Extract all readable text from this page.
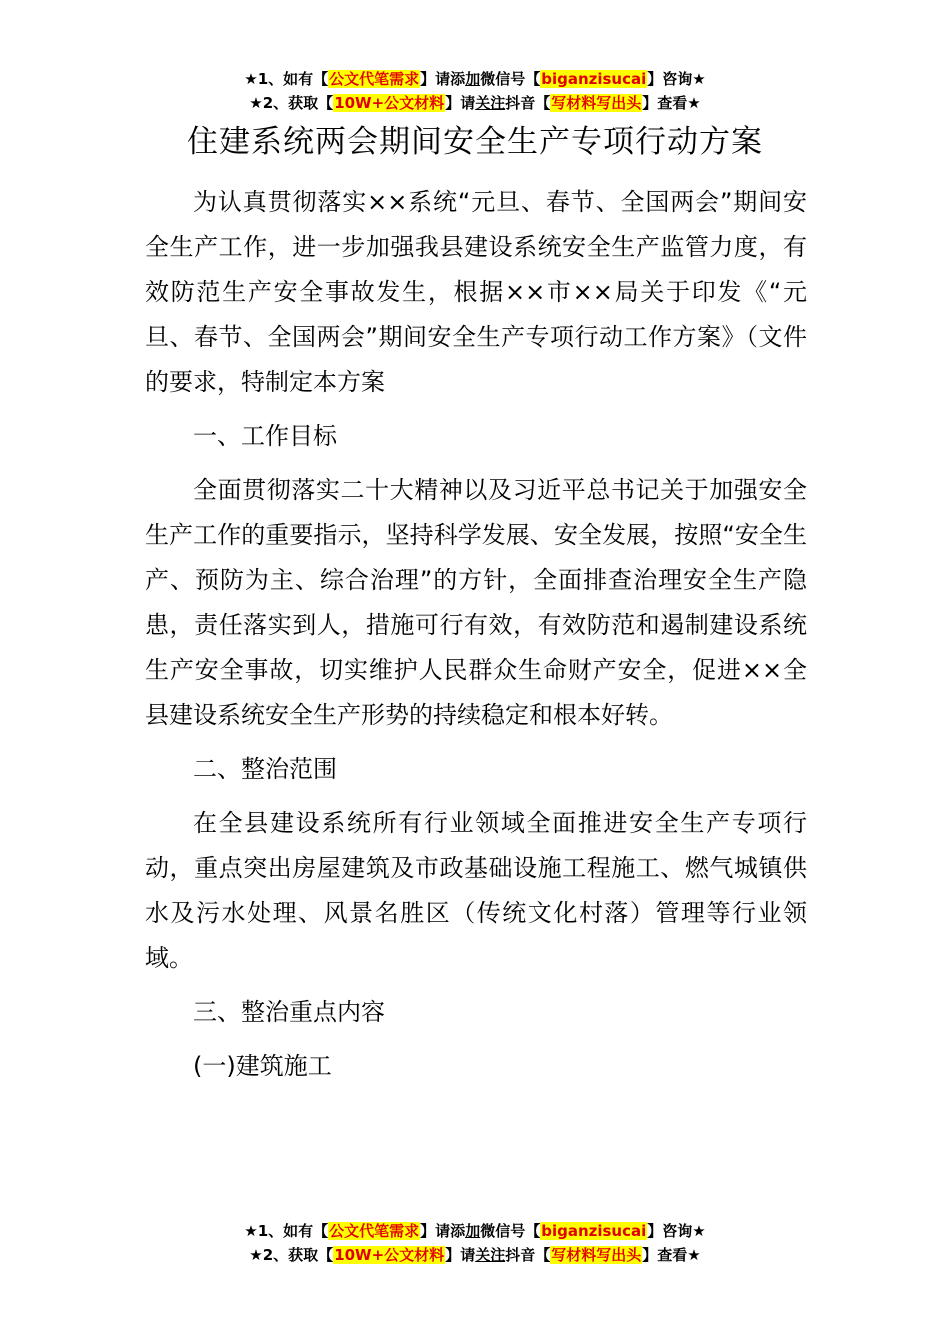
★1、如有【公文代笔需求】请添加微信号【biganzisucai】咨询★
★2、获取【10W+公文材料】请关注抖音【写材料写出头】查看★
住建系统两会期间安全生产专项行动方案

为认真贯彻落实××系统“元旦、春节、全国两会”期间安全生产工作，进一步加强我县建设系统安全生产监管力度，有效防范生产安全事故发生，根据××市××局关于印发《“元旦、春节、全国两会”期间安全生产专项行动工作方案》（文件的要求，特制定本方案

一、工作目标

全面贯彻落实二十大精神以及习近平总书记关于加强安全生产工作的重要指示，坚持科学发展、安全发展，按照“安全生产、预防为主、综合治理”的方针，全面排查治理安全生产隐患，责任落实到人，措施可行有效，有效防范和遏制建设系统生产安全事故，切实维护人民群众生命财产安全，促进××全县建设系统安全生产形势的持续稳定和根本好转。

二、整治范围

在全县建设系统所有行业领域全面推进安全生产专项行动，重点突出房屋建筑及市政基础设施工程施工、燃气城镇供水及污水处理、风景名胜区（传统文化村落）管理等行业领域。

三、整治重点内容

(一)建筑施工

★1、如有【公文代笔需求】请添加微信号【biganzisucai】咨询★
★2、获取【10W+公文材料】请关注抖音【写材料写出头】查看★
